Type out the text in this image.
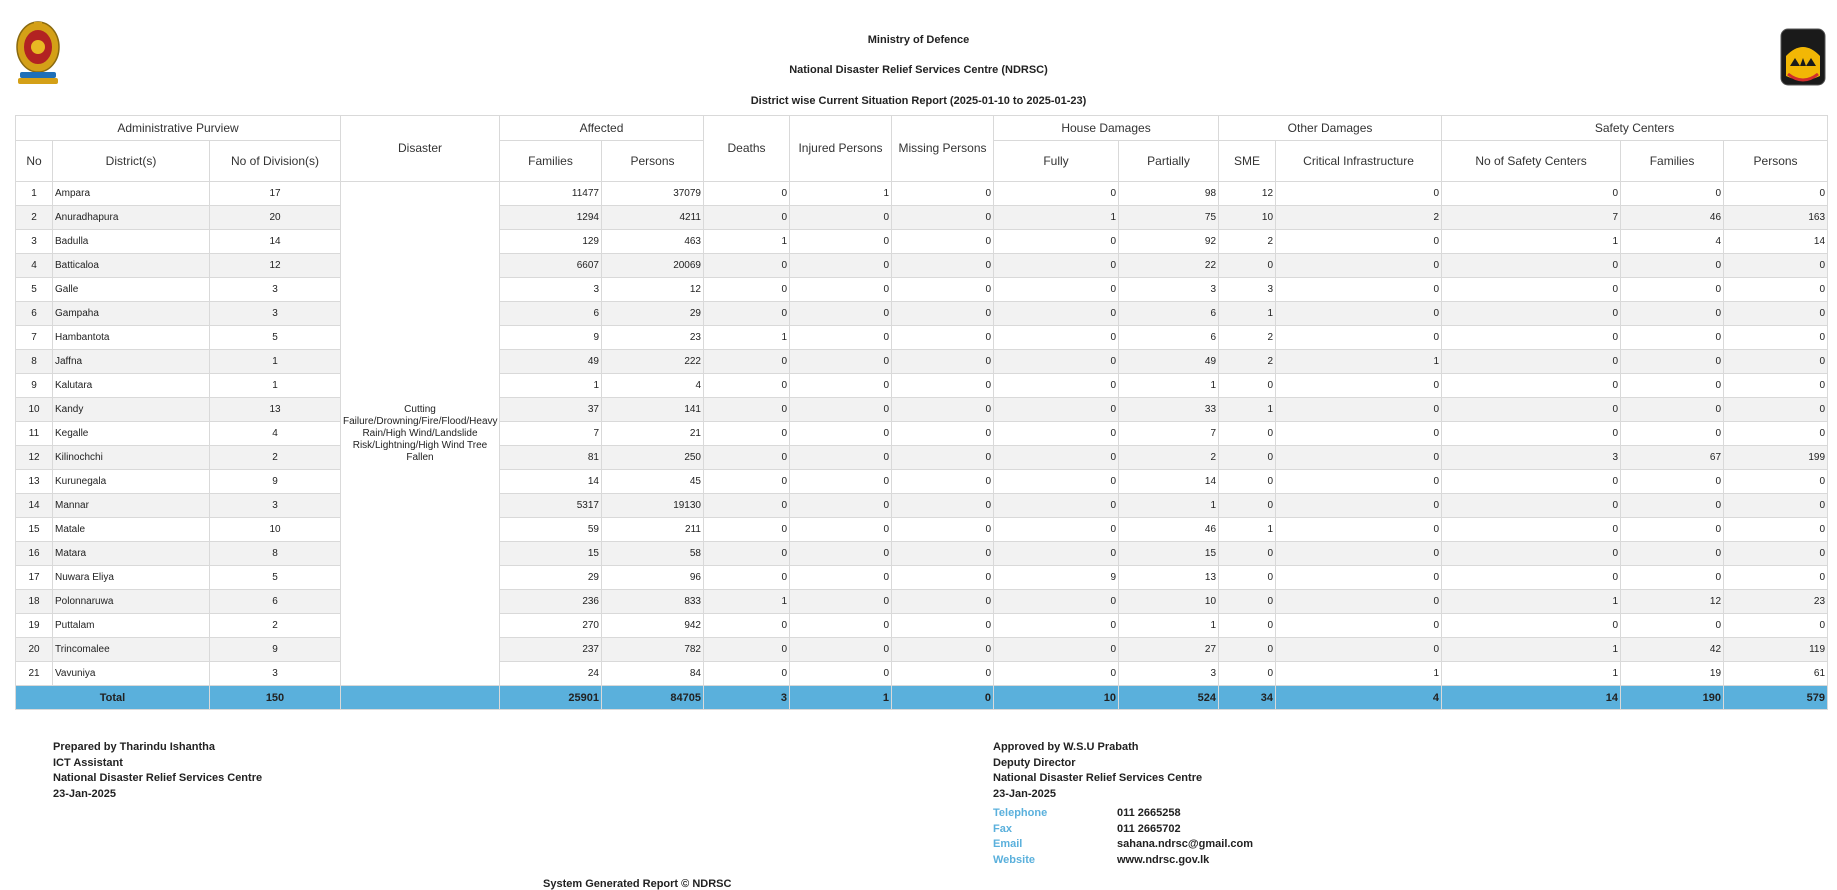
Ministry of Defence
National Disaster Relief Services Centre (NDRSC)
District wise Current Situation Report (2025-01-10 to 2025-01-23)
Administrative Purview			Disaster	Affected		Deaths	Injured Persons	Missing Persons	House Damages		Other Damages		Safety Centers		
No	District(s)	No of Division(s)		Families	Persons				Fully	Partially	SME	Critical Infrastructure	No of Safety Centers	Families	Persons
1	Ampara	17	Cutting Failure/Drowning/Fire/Flood/Heavy Rain/High Wind/Landslide Risk/Lightning/High Wind Tree Fallen	11477	37079	0	1	0	0	98	12	0	0	0	0
2	Anuradhapura	20		1294	4211	0	0	0	1	75	10	2	7	46	163
3	Badulla	14		129	463	1	0	0	0	92	2	0	1	4	14
4	Batticaloa	12		6607	20069	0	0	0	0	22	0	0	0	0	0
5	Galle	3		3	12	0	0	0	0	3	3	0	0	0	0
6	Gampaha	3		6	29	0	0	0	0	6	1	0	0	0	0
7	Hambantota	5		9	23	1	0	0	0	6	2	0	0	0	0
8	Jaffna	1		49	222	0	0	0	0	49	2	1	0	0	0
9	Kalutara	1		1	4	0	0	0	0	1	0	0	0	0	0
10	Kandy	13		37	141	0	0	0	0	33	1	0	0	0	0
11	Kegalle	4		7	21	0	0	0	0	7	0	0	0	0	0
12	Kilinochchi	2		81	250	0	0	0	0	2	0	0	3	67	199
13	Kurunegala	9		14	45	0	0	0	0	14	0	0	0	0	0
14	Mannar	3		5317	19130	0	0	0	0	1	0	0	0	0	0
15	Matale	10		59	211	0	0	0	0	46	1	0	0	0	0
16	Matara	8		15	58	0	0	0	0	15	0	0	0	0	0
17	Nuwara Eliya	5		29	96	0	0	0	9	13	0	0	0	0	0
18	Polonnaruwa	6		236	833	1	0	0	0	10	0	0	1	12	23
19	Puttalam	2		270	942	0	0	0	0	1	0	0	0	0	0
20	Trincomalee	9		237	782	0	0	0	0	27	0	0	1	42	119
21	Vavuniya	3		24	84	0	0	0	0	3	0	1	1	19	61
Total		150		25901	84705	3	1	0	10	524	34	4	14	190	579
Prepared by Tharindu Ishantha
ICT Assistant
National Disaster Relief Services Centre
23-Jan-2025
Approved by W.S.U Prabath
Deputy Director
National Disaster Relief Services Centre
23-Jan-2025
Telephone	011 2665258
Fax	011 2665702
Email	sahana.ndrsc@gmail.com
Website	www.ndrsc.gov.lk
System Generated Report © NDRSC
